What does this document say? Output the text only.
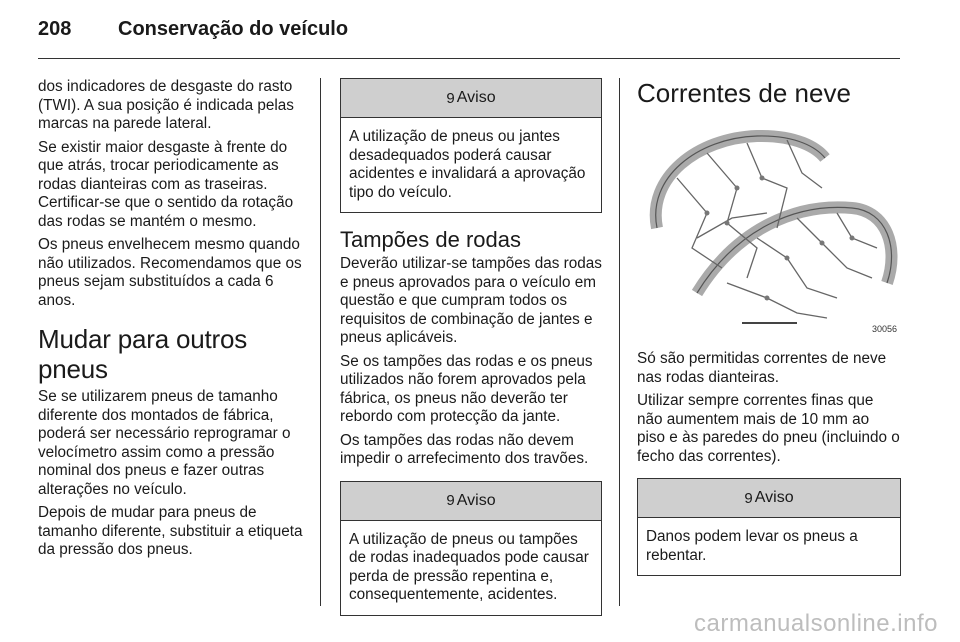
208	Conservação do veículo

dos indicadores de desgaste do rasto (TWI). A sua posição é indicada pelas marcas na parede lateral.

Se existir maior desgaste à frente do que atrás, trocar periodicamente as rodas dianteiras com as traseiras. Certificar-se que o sentido da rotação das rodas se mantém o mesmo.

Os pneus envelhecem mesmo quando não utilizados. Recomendamos que os pneus sejam substituídos a cada 6 anos.

Mudar para outros pneus

Se se utilizarem pneus de tamanho diferente dos montados de fábrica, poderá ser necessário reprogramar o velocímetro assim como a pressão nominal dos pneus e fazer outras alterações no veículo.

Depois de mudar para pneus de tamanho diferente, substituir a etiqueta da pressão dos pneus.

9 Aviso

A utilização de pneus ou jantes desadequados poderá causar acidentes e invalidará a aprovação tipo do veículo.

Tampões de rodas

Deverão utilizar-se tampões das rodas e pneus aprovados para o veículo em questão e que cumpram todos os requisitos de combinação de jantes e pneus aplicáveis.

Se os tampões das rodas e os pneus utilizados não forem aprovados pela fábrica, os pneus não deverão ter rebordo com protecção da jante.

Os tampões das rodas não devem impedir o arrefecimento dos travões.

9 Aviso

A utilização de pneus ou tampões de rodas inadequados pode causar perda de pressão repentina e, consequentemente, acidentes.

Correntes de neve
30056

Só são permitidas correntes de neve nas rodas dianteiras.

Utilizar sempre correntes finas que não aumentem mais de 10 mm ao piso e às paredes do pneu (incluindo o fecho das correntes).

9 Aviso

Danos podem levar os pneus a rebentar.

carmanualsonline.info
